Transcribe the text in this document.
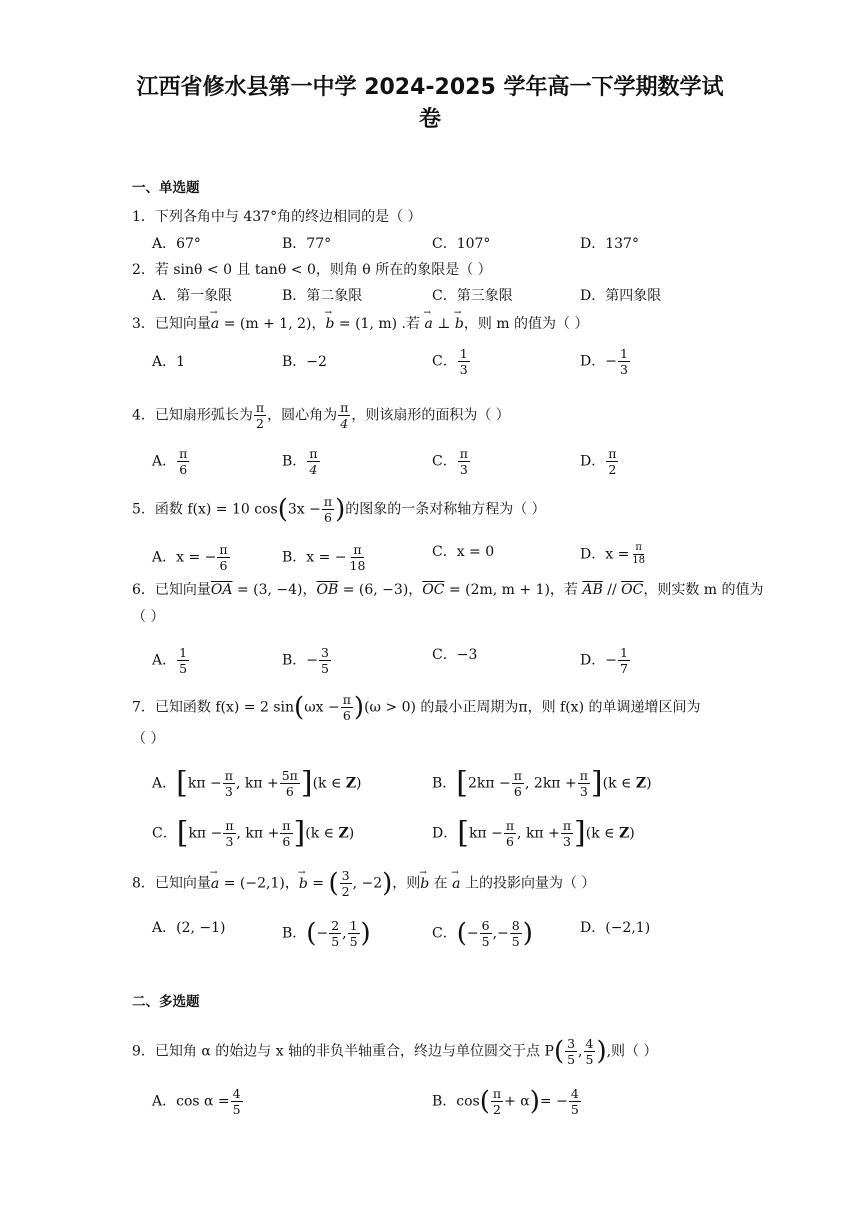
江西省修水县第一中学 2024-2025 学年高一下学期数学试
卷
一、单选题
1．下列各角中与 437°角的终边相同的是（ ）
A．67°	B．77°	C．107°	D．137°
2．若 sinθ < 0 且 tanθ < 0，则角 θ 所在的象限是（ ）
A．第一象限	B．第二象限	C．第三象限	D．第四象限
3．已知向量→ a = (m + 1, 2)，→ b = (1, m) .若 → a ⊥ → b，则 m 的值为（ ）
A．1	B．−2	C． $\frac{1}{3}$	D．− $\frac{1}{3}$
4．已知扇形弧长为 $\frac{\pi}{2}$ ，圆心角为 $\frac{\pi}{4}$ ，则该扇形的面积为（ ）
A． $\frac{\pi}{6}$	B． $\frac{\pi}{4}$	C． $\frac{\pi}{3}$	D． $\frac{\pi}{2}$
5．函数 f(x) = 10 $\cos(3x - \frac{\pi}{6}$ )的图象的一条对称轴方程为（ ）
A．x = − $\frac{\pi}{6}$	B．x = − $\frac{\pi}{18}$	C．x = 0	D．$x = \frac{\pi}{18}$
6．已知向量$\overline{OA} = (3$, −4)，$\overline{OB} = (6$, −3)，$\overline{OC} = (2m$, m + 1)，若 $\overline{AB} // \overline{OC}$，则实数 m 的值为
（ ）
A． $\frac{1}{5}$	B．− $\frac{3}{5}$	C．−3	D．− $\frac{1}{7}$
7．已知函数 f(x) = 2 $\sin(\omega x - \frac{\pi}{6} )(\omega > 0)$ 的最小正周期为π，则 f(x) 的单调递增区间为
（ ）
A．[$k\pi - \frac{\pi}{3}$ , $k\pi + \frac{5\pi}{6} ](k$ ∈ Z)	B．[$2k\pi - \frac{\pi}{6}$ , $2k\pi + \frac{\pi}{3} ](k$ ∈ Z)
C．[$k\pi - \frac{\pi}{3}$ , $k\pi + \frac{\pi}{6} ](k$ ∈ Z)	D．[$k\pi - \frac{\pi}{6}$ , $k\pi + \frac{\pi}{3} ](k$ ∈ Z)
8．已知向量→ a = (−2,1)，→ b = ( $\frac{3}{2}$ , −2)，则→ b 在 → a 上的投影向量为（ ）
A．(2, −1)	B．(− $\frac{2}{5}$ , $\frac{1}{5}$ )	C．(− $\frac{6}{5}$ ,− $\frac{8}{5}$ )	D．(−2,1)
二、多选题
9．已知角 α 的始边与 x 轴的非负半轴重合，终边与单位圆交于点 $P( \frac{3}{5}$ , $\frac{4}{5}$ ),则（ ）
A．$\cos \alpha = \frac{4}{5}$	B．$\cos( \frac{\pi}{2} + \alpha)= - \frac{4}{5}$
